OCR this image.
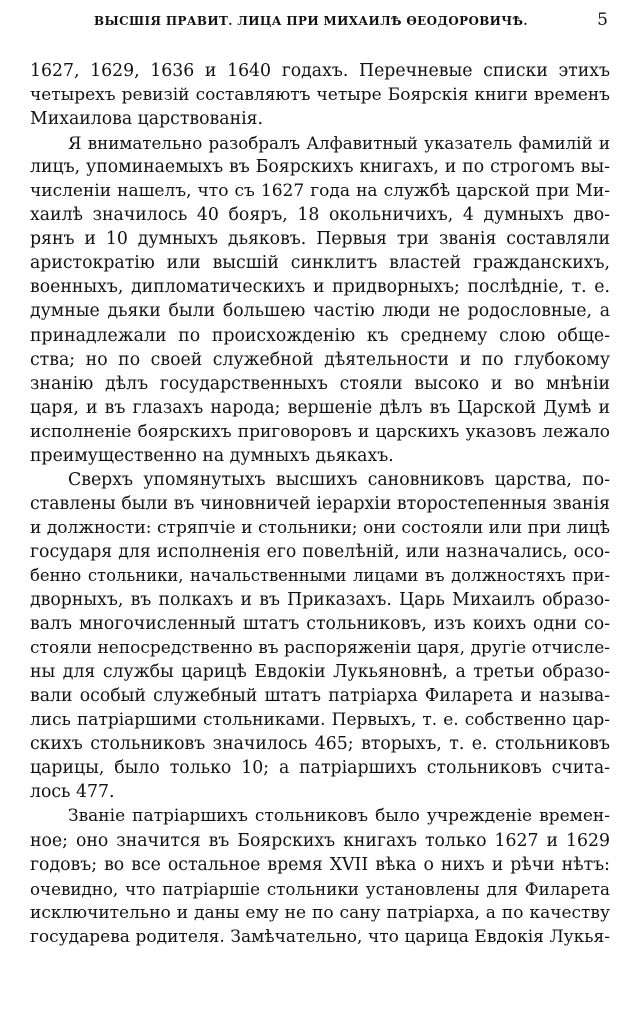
ВЫСШІЯ ПРАВИТ. ЛИЦА ПРИ МИХАИЛѢ ѲЕОДОРОВИЧѢ.	5
1627, 1629, 1636 и 1640 годахъ. Перечневые списки этихъ
четырехъ ревизій составляютъ четыре Боярскія книги временъ
Михаилова царствованія.
Я внимательно разобралъ Алфавитный указатель фамилій и
лицъ, упоминаемыхъ въ Боярскихъ книгахъ, и по строгомъ вы-
численіи нашелъ, что съ 1627 года на службѣ царской при Ми-
хаилѣ значилось 40 бояръ, 18 окольничихъ, 4 думныхъ дво-
рянъ и 10 думныхъ дьяковъ. Первыя три званія составляли
аристократію или высшій синклитъ властей гражданскихъ,
военныхъ, дипломатическихъ и придворныхъ; послѣдніе, т. е.
думные дьяки были большею частію люди не родословные, а
принадлежали по происхожденію къ среднему слою обще-
ства; но по своей служебной дѣятельности и по глубокому
знанію дѣлъ государственныхъ стояли высоко и во мнѣніи
царя, и въ глазахъ народа; вершеніе дѣлъ въ Царской Думѣ и
исполненіе боярскихъ приговоровъ и царскихъ указовъ лежало
преимущественно на думныхъ дьякахъ.
Сверхъ упомянутыхъ высшихъ сановниковъ царства, по-
ставлены были въ чиновничей іерархіи второстепенныя званія
и должности: стряпчіе и стольники; они состояли или при лицѣ
государя для исполненія его повелѣній, или назначались, осо-
бенно стольники, начальственными лицами въ должностяхъ при-
дворныхъ, въ полкахъ и въ Приказахъ. Царь Михаилъ образо-
валъ многочисленный штатъ стольниковъ, изъ коихъ одни со-
стояли непосредственно въ распоряженіи царя, другіе отчисле-
ны для службы царицѣ Евдокіи Лукьяновнѣ, а третьи образо-
вали особый служебный штатъ патріарха Филарета и называ-
лись патріаршими стольниками. Первыхъ, т. е. собственно цар-
скихъ стольниковъ значилось 465; вторыхъ, т. е. стольниковъ
царицы, было только 10; а патріаршихъ стольниковъ счита-
лось 477.
Званіе патріаршихъ стольниковъ было учрежденіе времен-
ное; оно значится въ Боярскихъ книгахъ только 1627 и 1629
годовъ; во все остальное время XVII вѣка о нихъ и рѣчи нѣтъ:
очевидно, что патріаршіе стольники установлены для Филарета
исключительно и даны ему не по сану патріарха, а по качеству
государева родителя. Замѣчательно, что царица Евдокія Лукья-
